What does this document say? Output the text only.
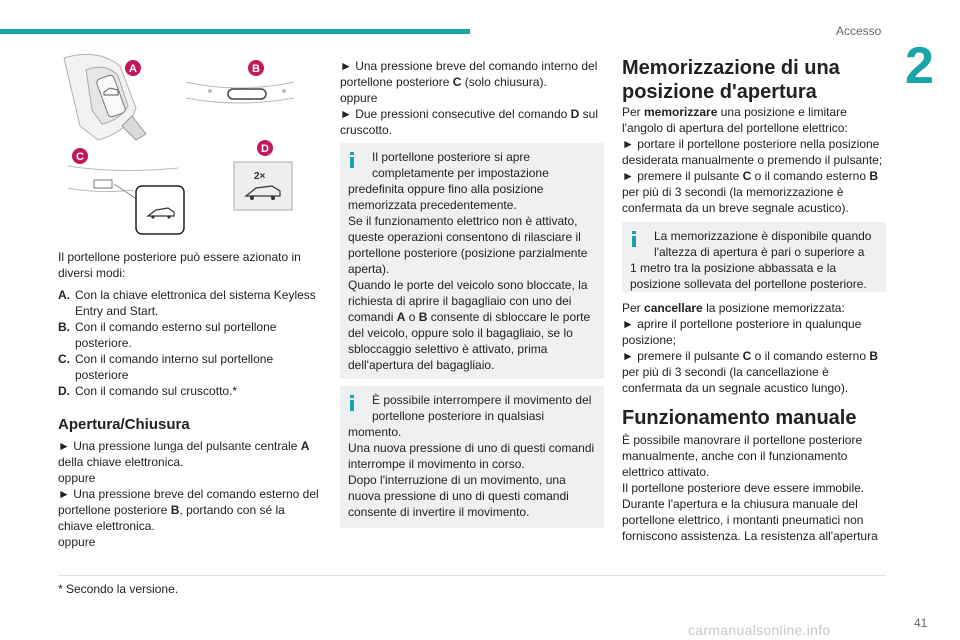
Accesso
2
2×
A	B
C
D

Il portellone posteriore può essere azionato in diversi modi:

A. Con la chiave elettronica del sistema Keyless Entry and Start.
B. Con il comando esterno sul portellone posteriore.
C. Con il comando interno sul portellone posteriore
D. Con il comando sul cruscotto.*
Apertura/Chiusura

► Una pressione lunga del pulsante centrale A della chiave elettronica.

oppure

► Una pressione breve del comando esterno del portellone posteriore B, portando con sé la chiave elettronica.

oppure

► Una pressione breve del comando interno del portellone posteriore C (solo chiusura).

oppure

► Due pressioni consecutive del comando D sul cruscotto.

Il portellone posteriore si apre completamente per impostazione

predefinita oppure fino alla posizione memorizzata precedentemente.

Se il funzionamento elettrico non è attivato, queste operazioni consentono di rilasciare il portellone posteriore (posizione parzialmente aperta).

Quando le porte del veicolo sono bloccate, la richiesta di aprire il bagagliaio con uno dei comandi A o B consente di sbloccare le porte del veicolo, oppure solo il bagagliaio, se lo sbloccaggio selettivo è attivato, prima dell'apertura del bagagliaio.

È possibile interrompere il movimento del portellone posteriore in qualsiasi

momento.

Una nuova pressione di uno di questi comandi interrompe il movimento in corso.

Dopo l'interruzione di un movimento, una nuova pressione di uno di questi comandi consente di invertire il movimento.

Memorizzazione di una posizione d'apertura

Per memorizzare una posizione e limitare l'angolo di apertura del portellone elettrico:

► portare il portellone posteriore nella posizione desiderata manualmente o premendo il pulsante;

► premere il pulsante C o il comando esterno B per più di 3 secondi (la memorizzazione è confermata da un breve segnale acustico).

La memorizzazione è disponibile quando l'altezza di apertura è pari o superiore a

1 metro tra la posizione abbassata e la posizione sollevata del portellone posteriore.

Per cancellare la posizione memorizzata:

► aprire il portellone posteriore in qualunque posizione;

► premere il pulsante C o il comando esterno B per più di 3 secondi (la cancellazione è confermata da un segnale acustico lungo).

Funzionamento manuale

È possibile manovrare il portellone posteriore manualmente, anche con il funzionamento elettrico attivato.

Il portellone posteriore deve essere immobile.

Durante l'apertura e la chiusura manuale del portellone elettrico, i montanti pneumatici non forniscono assistenza. La resistenza all'apertura

* Secondo la versione.
41
carmanualsonline.info
